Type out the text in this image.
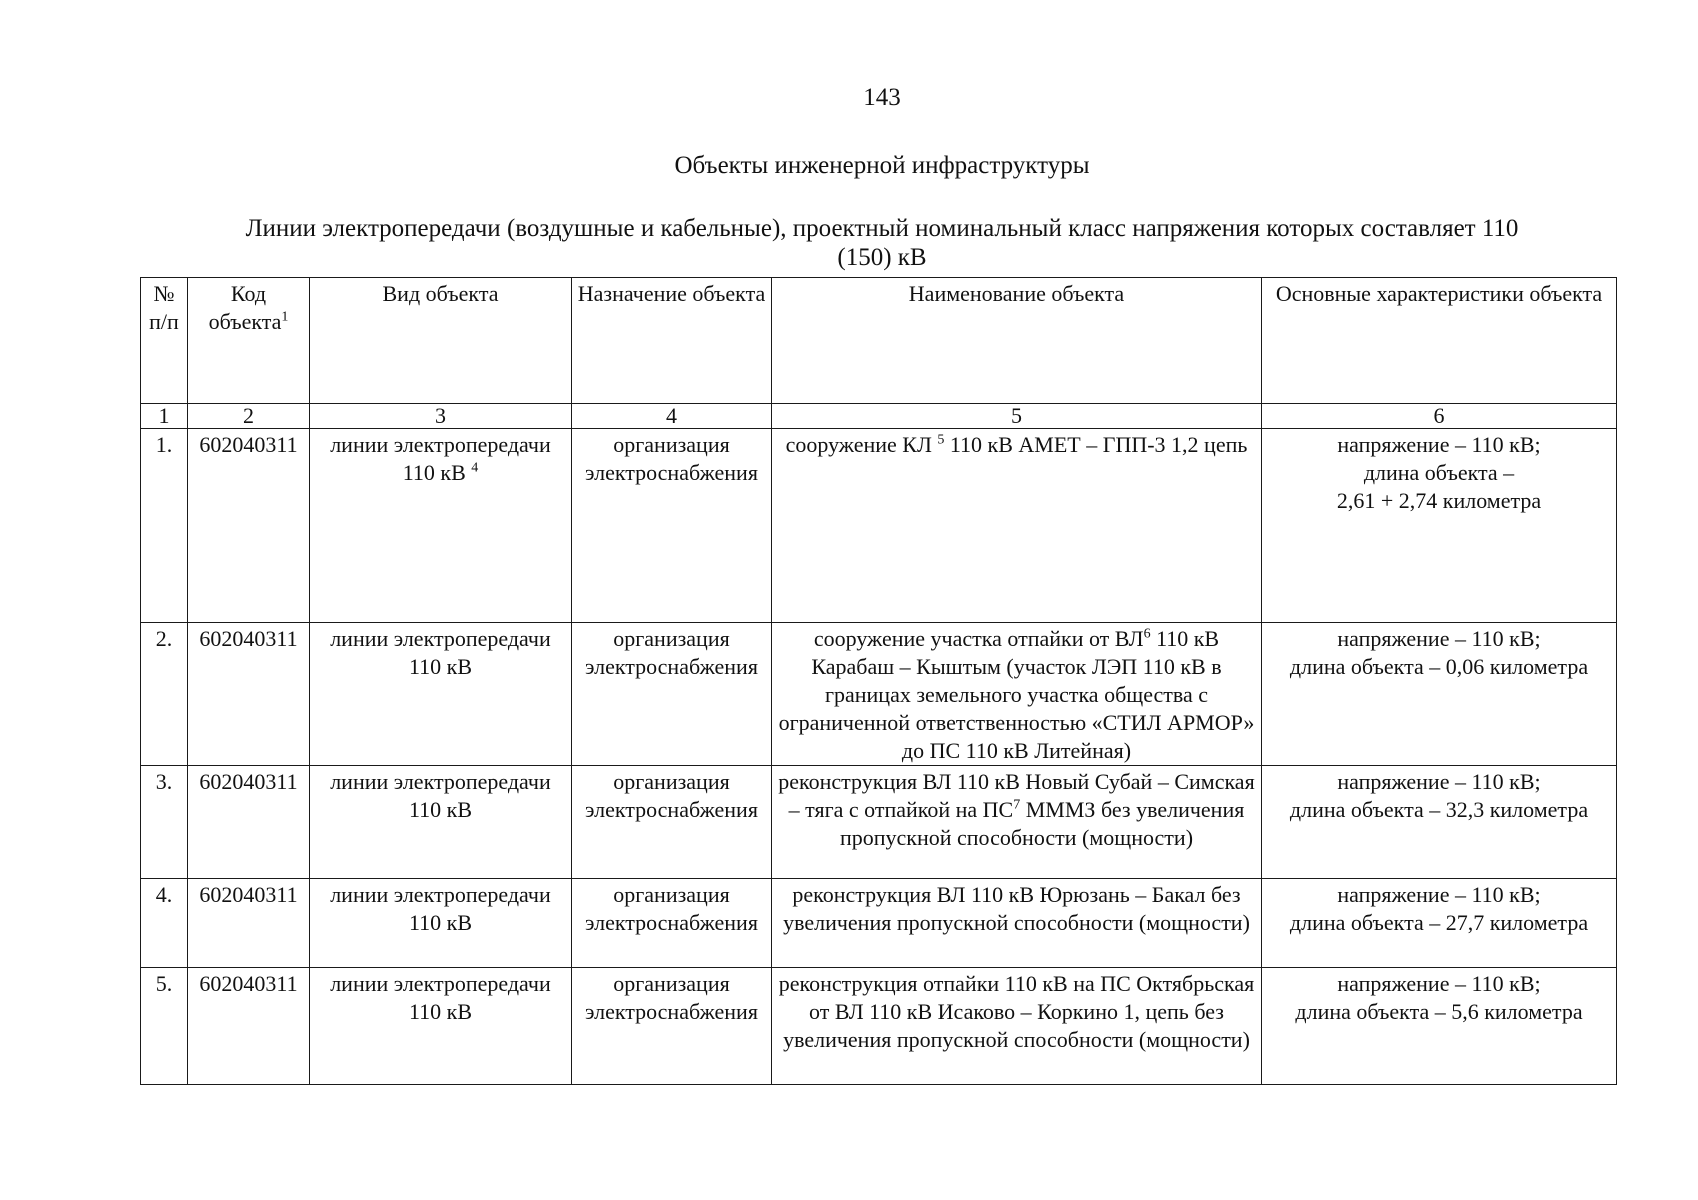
143
Объекты инженерной инфраструктуры
Линии электропередачи (воздушные и кабельные), проектный номинальный класс напряжения которых составляет 110 (150) кВ
№ п/п	Код объекта$^1$	Вид объекта	Назначение объекта	Наименование объекта	Основные характеристики объекта
1	2	3	4	5	6
1.	602040311	линии электропередачи 110 кВ $^4$	организация электроснабжения	сооружение КЛ $^5$ 110 кВ АМЕТ – ГПП-3 1,2 цепь	напряжение – 110 кВ;
длина объекта –
2,61 + 2,74 километра

2.	602040311	линии электропередачи 110 кВ	организация электроснабжения	сооружение участка отпайки от $ВЛ^6$ 110 кВ Карабаш – Кыштым (участок ЛЭП 110 кВ в границах земельного участка общества с ограниченной ответственностью «СТИЛ АРМОР» до ПС 110 кВ Литейная)	напряжение – 110 кВ;
длина объекта – 0,06 километра

3.	602040311	линии электропередачи 110 кВ	организация электроснабжения	реконструкция ВЛ 110 кВ Новый Субай – Симская – тяга с отпайкой на $ПС^7$ МММЗ без увеличения пропускной способности (мощности)	напряжение – 110 кВ;
длина объекта – 32,3 километра

4.	602040311	линии электропередачи 110 кВ	организация электроснабжения	реконструкция ВЛ 110 кВ Юрюзань – Бакал без увеличения пропускной способности (мощности)	напряжение – 110 кВ;
длина объекта – 27,7 километра

5.	602040311	линии электропередачи 110 кВ	организация электроснабжения	реконструкция отпайки 110 кВ на ПС Октябрьская от ВЛ 110 кВ Исаково – Коркино 1, цепь без увеличения пропускной способности (мощности)	напряжение – 110 кВ;
длина объекта – 5,6 километра
